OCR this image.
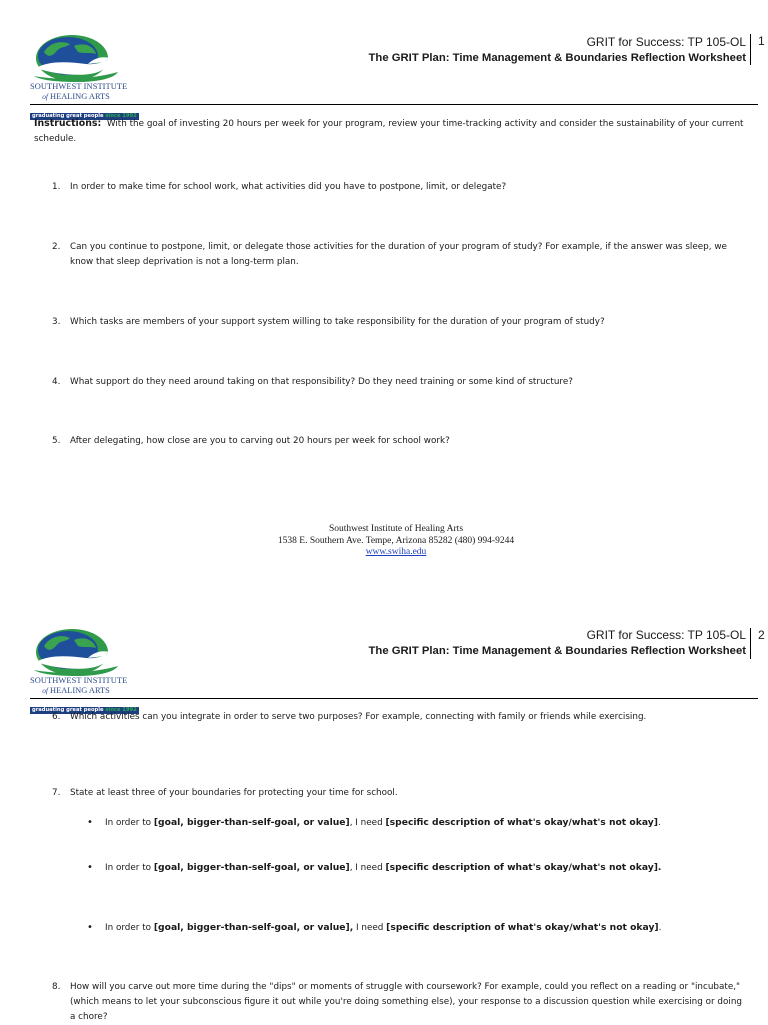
SOUTHWEST INSTITUTE
of HEALING ARTS
graduating great people since 1992
GRIT for Success: TP 105-OL
The GRIT Plan: Time Management & Boundaries Reflection Worksheet
1
Instructions: With the goal of investing 20 hours per week for your program, review your time-tracking activity and consider the sustainability of your current schedule.
1.	In order to make time for school work, what activities did you have to postpone, limit, or delegate?
2.	Can you continue to postpone, limit, or delegate those activities for the duration of your program of study? For example, if the answer was sleep, we know that sleep deprivation is not a long-term plan.
3.	Which tasks are members of your support system willing to take responsibility for the duration of your program of study?
4.	What support do they need around taking on that responsibility? Do they need training or some kind of structure?
5.	After delegating, how close are you to carving out 20 hours per week for school work?
Southwest Institute of Healing Arts
1538 E. Southern Ave. Tempe, Arizona 85282 (480) 994-9244
www.swiha.edu
SOUTHWEST INSTITUTE
of HEALING ARTS
graduating great people since 1992
GRIT for Success: TP 105-OL
The GRIT Plan: Time Management & Boundaries Reflection Worksheet
2
6.	Which activities can you integrate in order to serve two purposes? For example, connecting with family or friends while exercising.
7.	State at least three of your boundaries for protecting your time for school.
•	In order to [goal, bigger-than-self-goal, or value], I need [specific description of what's okay/what's not okay].
•	In order to [goal, bigger-than-self-goal, or value], I need [specific description of what's okay/what's not okay].
•	In order to [goal, bigger-than-self-goal, or value], I need [specific description of what's okay/what's not okay].
8.	How will you carve out more time during the "dips" or moments of struggle with coursework? For example, could you reflect on a reading or "incubate," (which means to let your subconscious figure it out while you're doing something else), your response to a discussion question while exercising or doing a chore?
